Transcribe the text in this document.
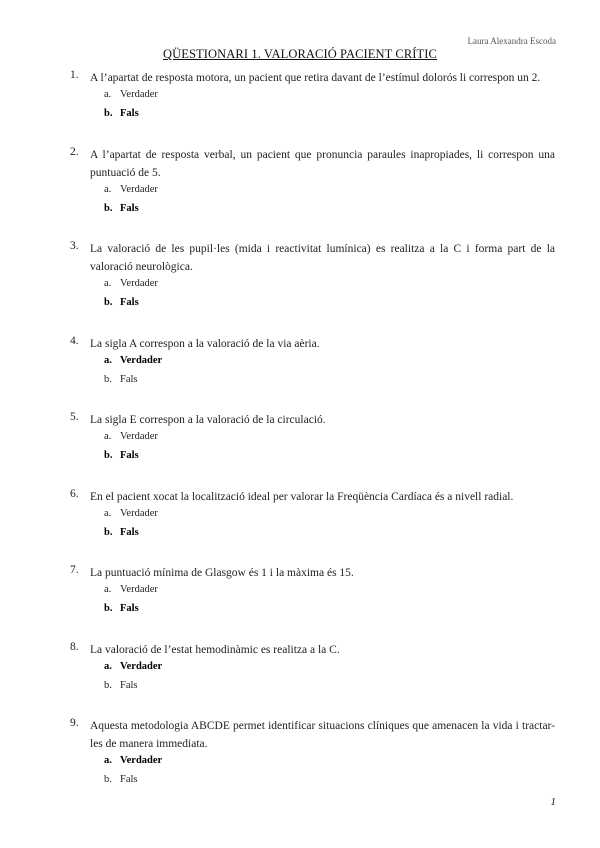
Laura Alexandra Escoda
QÜESTIONARI 1. VALORACIÓ PACIENT CRÍTIC
1. A l’apartat de resposta motora, un pacient que retira davant de l’estímul dolorós li correspon un 2.
a. Verdader
b. Fals
2. A l’apartat de resposta verbal, un pacient que pronuncia paraules inapropiades, li correspon una puntuació de 5.
a. Verdader
b. Fals
3. La valoració de les pupil·les (mida i reactivitat lumínica) es realitza a la C i forma part de la valoració neurològica.
a. Verdader
b. Fals
4. La sigla A correspon a la valoració de la via aèria.
a. Verdader
b. Fals
5. La sigla E correspon a la valoració de la circulació.
a. Verdader
b. Fals
6. En el pacient xocat la localització ideal per valorar la Freqüència Cardíaca és a nivell radial.
a. Verdader
b. Fals
7. La puntuació mínima de Glasgow és 1 i la màxima és 15.
a. Verdader
b. Fals
8. La valoració de l’estat hemodinàmic es realitza a la C.
a. Verdader
b. Fals
9. Aquesta metodologia ABCDE permet identificar situacions clíniques que amenacen la vida i tractar-les de manera immediata.
a. Verdader
b. Fals
1
